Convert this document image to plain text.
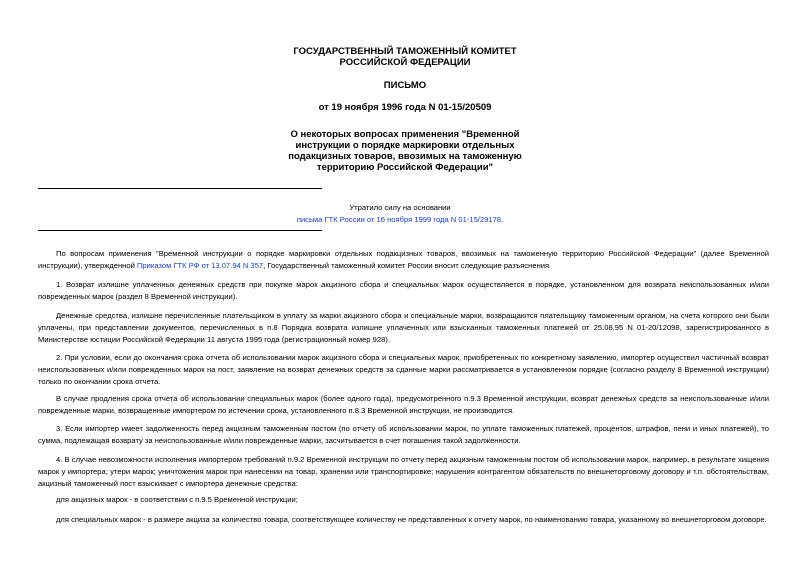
ГОСУДАРСТВЕННЫЙ ТАМОЖЕННЫЙ КОМИТЕТ
РОССИЙСКОЙ ФЕДЕРАЦИИ
ПИСЬМО
от 19 ноября 1996 года N 01-15/20509
О некоторых вопросах применения "Временной
инструкции о порядке маркировки отдельных
подакцизных товаров, ввозимых на таможенную
территорию Российской Федерации"
Утратило силу на основании
письма ГТК России от 16 ноября 1999 года N 01-15/29178.
По вопросам применения "Временной инструкции о порядке маркировки отдельных подакцизных товаров, ввозимых на таможенную территорию Российской Федерации" (далее Временной инструкции), утвержденной Приказом ГТК РФ от 13.07.94 N 357, Государственный таможенный комитет России вносит следующие разъяснения.
1. Возврат излишне уплаченных денежных средств при покупке марок акцизного сбора и специальных марок осуществляется в порядке, установленном для возврата неиспользованных и/или поврежденных марок (раздел 8 Временной инструкции).
Денежные средства, излишне перечисленные плательщиком в уплату за марки акцизного сбора и специальные марки, возвращаются плательщику таможенным органом, на счета которого они были уплачены, при представлении документов, перечисленных в п.8 Порядка возврата излишне уплаченных или взысканных таможенных платежей от 25.08.95 N 01-20/12098, зарегистрированного в Министерстве юстиции Российской Федерации 11 августа 1995 года (регистрационный номер 928).
2. При условии, если до окончания срока отчета об использовании марок акцизного сбора и специальных марок, приобретенных по конкретному заявлению, импортер осуществил частичный возврат неиспользованных и/или поврежденных марок на пост, заявление на возврат денежных средств за сданные марки рассматривается в установленном порядке (согласно разделу 8 Временной инструкции) только по окончании срока отчета.
В случае продления срока отчета об использовании специальных марок (более одного года), предусмотренного п.9.3 Временной инструкции, возврат денежных средств за неиспользованные и/или поврежденные марки, возвращенные импортером по истечении срока, установленного п.8.3 Временной инструкции, не производится.
3. Если импортер имеет задолженность перед акцизным таможенным постом (по отчету об использовании марок, по уплате таможенных платежей, процентов, штрафов, пени и иных платежей), то сумма, подлежащая возврату за неиспользованные и/или поврежденные марки, засчитывается в счет погашения такой задолженности.
4. В случае невозможности исполнения импортером требований п.9.2 Временной инструкции по отчету перед акцизным таможенным постом об использовании марок, например, в результате хищения марок у импортера; утери марок; уничтожения марок при нанесении на товар, хранении или транспортировке; нарушения контрагентом обязательств по внешнеторговому договору и т.п. обстоятельствам, акцизный таможенный пост взыскивает с импортера денежные средства:
для акцизных марок - в соответствии с п.9.5 Временной инструкции;
для специальных марок - в размере акциза за количество товара, соответствующее количеству не представленных к отчету марок, по наименованию товара, указанному во внешнеторговом договоре.
